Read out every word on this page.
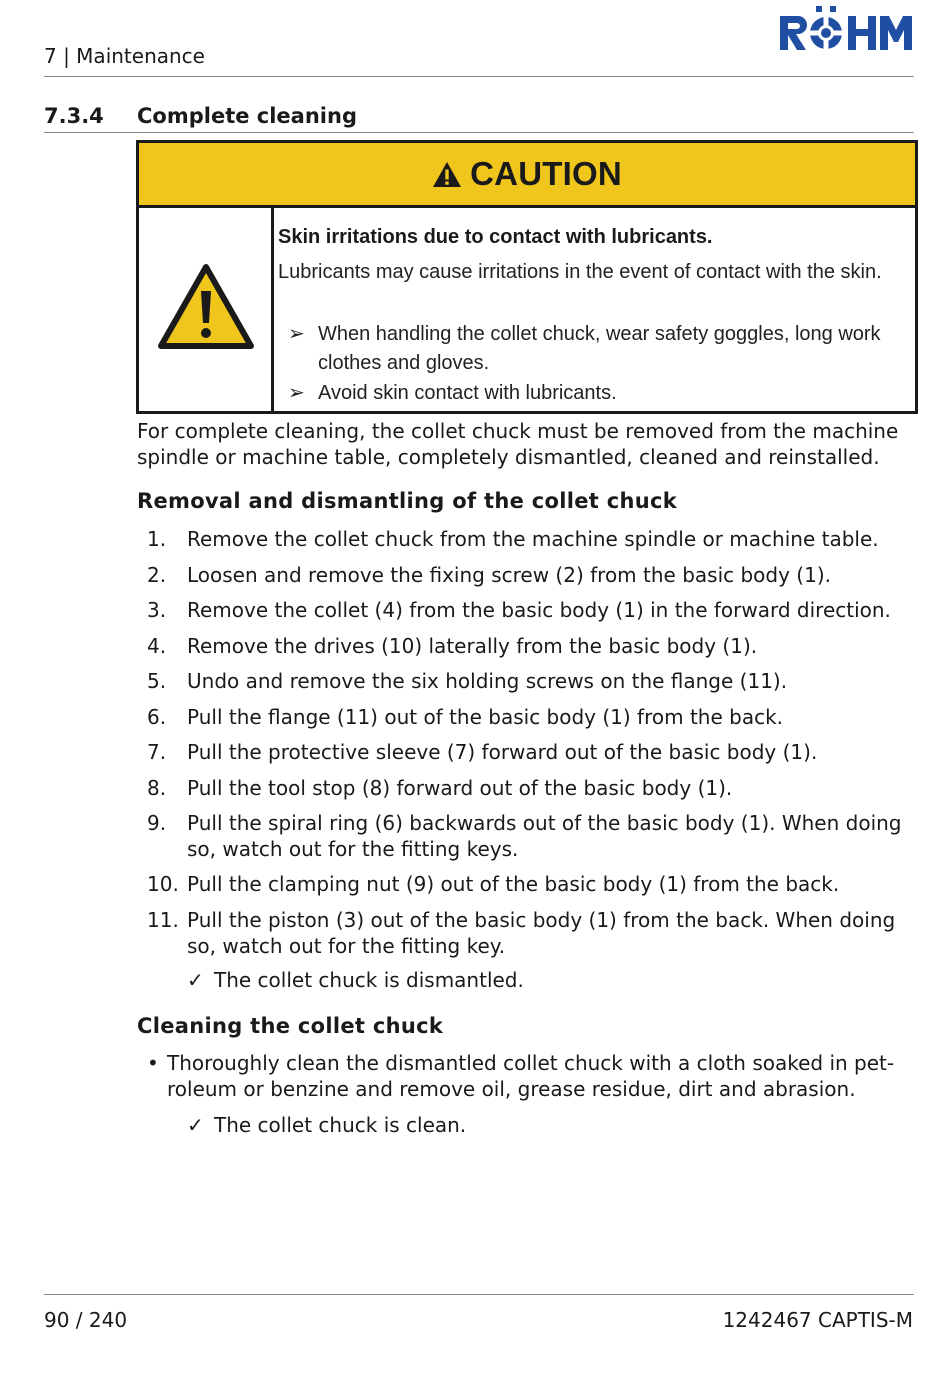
7 | Maintenance
7.3.4 Complete cleaning
CAUTION
Skin irritations due to contact with lubricants.
Lubricants may cause irritations in the event of contact with the skin.
➢ When handling the collet chuck, wear safety goggles, long work clothes and gloves.
➢ Avoid skin contact with lubricants.
For complete cleaning, the collet chuck must be removed from the machine spindle or machine table, completely dismantled, cleaned and reinstalled.
Removal and dismantling of the collet chuck
1. Remove the collet chuck from the machine spindle or machine table.
2. Loosen and remove the fixing screw (2) from the basic body (1).
3. Remove the collet (4) from the basic body (1) in the forward direction.
4. Remove the drives (10) laterally from the basic body (1).
5. Undo and remove the six holding screws on the flange (11).
6. Pull the flange (11) out of the basic body (1) from the back.
7. Pull the protective sleeve (7) forward out of the basic body (1).
8. Pull the tool stop (8) forward out of the basic body (1).
9. Pull the spiral ring (6) backwards out of the basic body (1). When doing so, watch out for the fitting keys.
10. Pull the clamping nut (9) out of the basic body (1) from the back.
11. Pull the piston (3) out of the basic body (1) from the back. When doing so, watch out for the fitting key.
✓ The collet chuck is dismantled.
Cleaning the collet chuck
• Thoroughly clean the dismantled collet chuck with a cloth soaked in pet-roleum or benzine and remove oil, grease residue, dirt and abrasion.
✓ The collet chuck is clean.
90 / 240	1242467 CAPTIS-M
